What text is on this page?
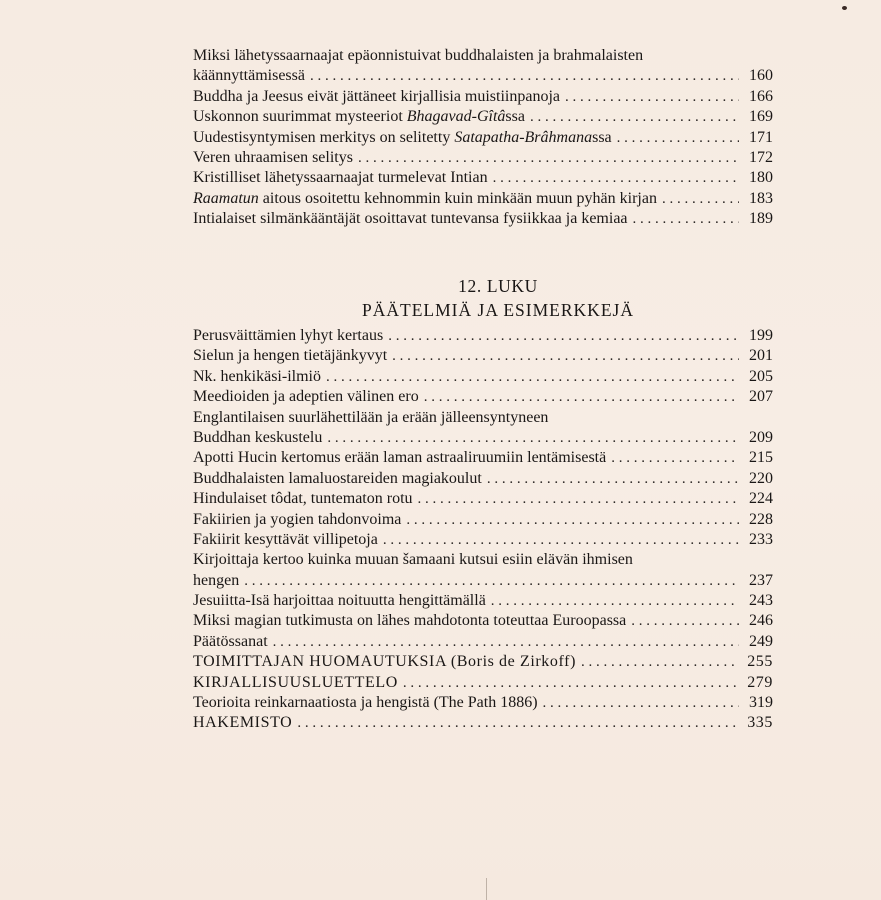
Miksi lähetyssaarnaajat epäonnistuivat buddhalaisten ja brahmalaisten
käännyttämisessä . . .	160
Buddha ja Jeesus eivät jättäneet kirjallisia muistiinpanoja . . .	166
Uskonnon suurimmat mysteeriot Bhagavad-Gîtâssa . . .	169
Uudestisyntymisen merkitys on selitetty Satapatha-Brâhmanassa . . .	171
Veren uhraamisen selitys . . .	172
Kristilliset lähetyssaarnaajat turmelevat Intian . . .	180
Raamatun aitous osoitettu kehnommin kuin minkään muun pyhän kirjan . . .	183
Intialaiset silmänkääntäjät osoittavat tuntevansa fysiikkaa ja kemiaa . . .	189
12. LUKU
PÄÄTELMIÄ JA ESIMERKKEJÄ
Perusväittämien lyhyt kertaus . . .	199
Sielun ja hengen tietäjänkyvyt . . .	201
Nk. henkikäsi-ilmiö . . .	205
Meedioiden ja adeptien välinen ero . . .	207
Englantilaisen suurlähettilään ja erään jälleensyntyneen
Buddhan keskustelu . . .	209
Apotti Hucin kertomus erään laman astraaliruumiin lentämisestä . . .	215
Buddhalaisten lamaluostareiden magiakoulut . . .	220
Hindulaiset tôdat, tuntematon rotu . . .	224
Fakiirien ja yogien tahdonvoima . . .	228
Fakiirit kesyttävät villipetoja . . .	233
Kirjoittaja kertoo kuinka muuan šamaani kutsui esiin elävän ihmisen
hengen . . .	237
Jesuiitta-Isä harjoittaa noituutta hengittämällä . . .	243
Miksi magian tutkimusta on lähes mahdotonta toteuttaa Euroopassa . . .	246
Päätössanat . . .	249
TOIMITTAJAN HUOMAUTUKSIA (Boris de Zirkoff) . . .	255
KIRJALLISUUSLUETTELO . . .	279
Teorioita reinkarnaatiosta ja hengistä (The Path 1886) . . .	319
HAKEMISTO . . .	335
